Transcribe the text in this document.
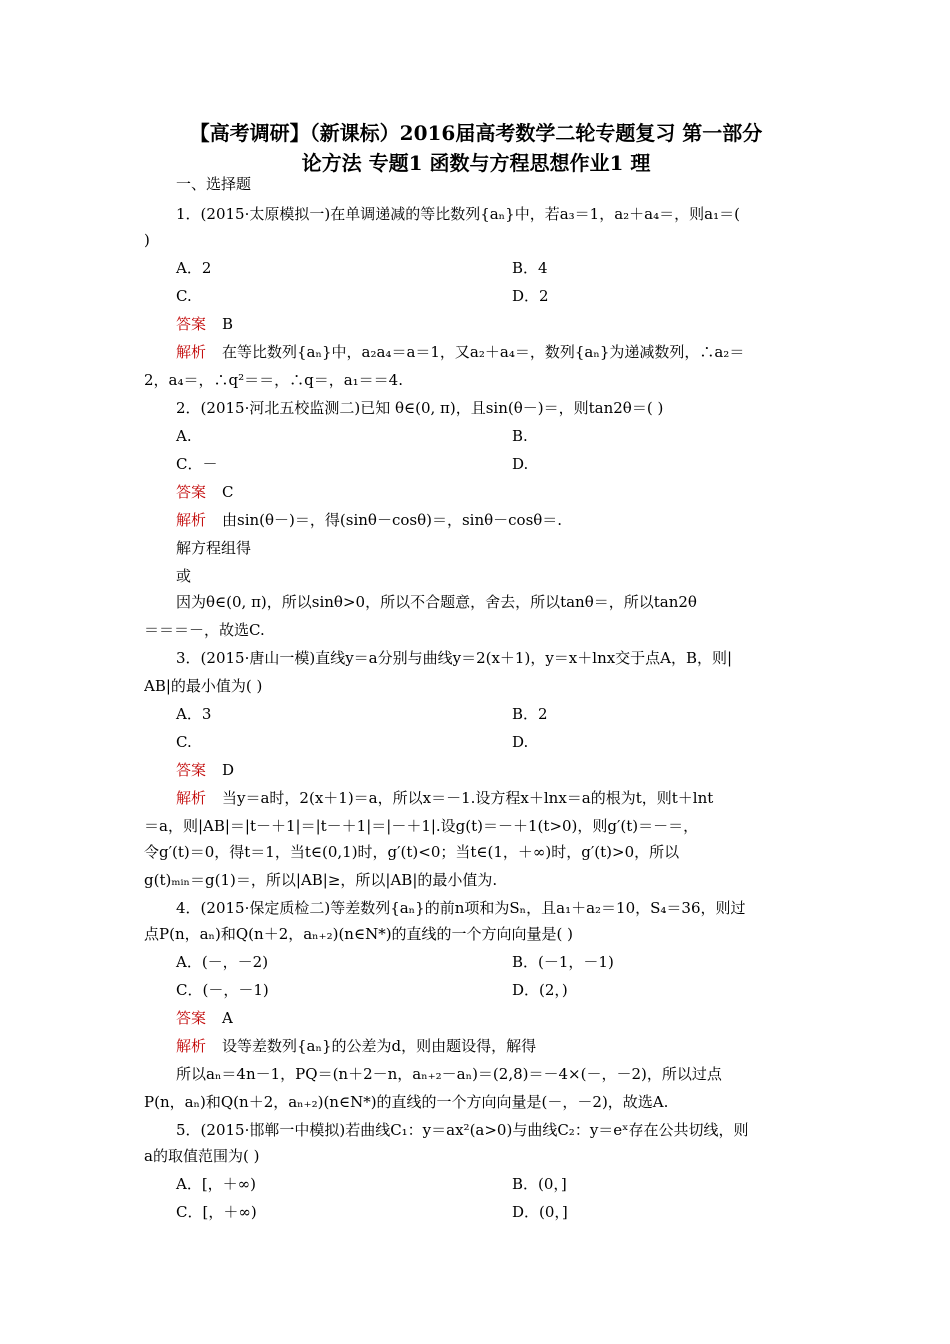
【高考调研】（新课标）2016届高考数学二轮专题复习 第一部分
论方法 专题1 函数与方程思想作业1 理
一、选择题
1．(2015·太原模拟一)在单调递减的等比数列{aₙ}中，若a₃＝1，a₂＋a₄＝，则a₁＝(
)
A．2	B．4
C.	D．2
答案 B
解析 在等比数列{aₙ}中，a₂a₄＝a＝1，又a₂＋a₄＝，数列{aₙ}为递减数列，∴a₂＝
2，a₄＝，∴q²＝＝，∴q＝，a₁＝＝4.
2．(2015·河北五校监测二)已知 θ∈(0, π)，且sin(θ－)＝，则tan2θ＝( )
A.	B.
C．－	D.
答案 C
解析 由sin(θ－)＝，得(sinθ－cosθ)＝，sinθ－cosθ＝.
解方程组得
或
因为θ∈(0, π)，所以sinθ>0，所以不合题意，舍去，所以tanθ＝，所以tan2θ
＝＝＝－，故选C.
3．(2015·唐山一模)直线y＝a分别与曲线y＝2(x＋1)，y＝x＋lnx交于点A，B，则|
AB|的最小值为( )
A．3	B．2
C.	D.
答案 D
解析 当y＝a时，2(x＋1)＝a，所以x＝－1.设方程x＋lnx＝a的根为t，则t＋lnt
＝a，则|AB|＝|t－＋1|＝|t－＋1|＝|－＋1|.设g(t)＝－＋1(t>0)，则g′(t)＝－＝，
令g′(t)＝0，得t＝1，当t∈(0,1)时，g′(t)<0；当t∈(1，＋∞)时，g′(t)>0，所以
g(t)ₘᵢₙ＝g(1)＝，所以|AB|≥，所以|AB|的最小值为.
4．(2015·保定质检二)等差数列{aₙ}的前n项和为Sₙ，且a₁＋a₂＝10，S₄＝36，则过
点P(n，aₙ)和Q(n＋2，aₙ₊₂)(n∈N*)的直线的一个方向向量是( )
A．(－，－2)	B．(－1，－1)
C．(－，－1)	D．(2，)
答案 A
解析 设等差数列{aₙ}的公差为d，则由题设得，解得
所以aₙ＝4n－1，PQ＝(n＋2－n，aₙ₊₂－aₙ)＝(2,8)＝－4×(－，－2)，所以过点
P(n，aₙ)和Q(n＋2，aₙ₊₂)(n∈N*)的直线的一个方向向量是(－，－2)，故选A.
5．(2015·邯郸一中模拟)若曲线C₁：y＝ax²(a>0)与曲线C₂：y＝eˣ存在公共切线，则
a的取值范围为( )
A．[，＋∞)	B．(0，]
C．[，＋∞)	D．(0，]
